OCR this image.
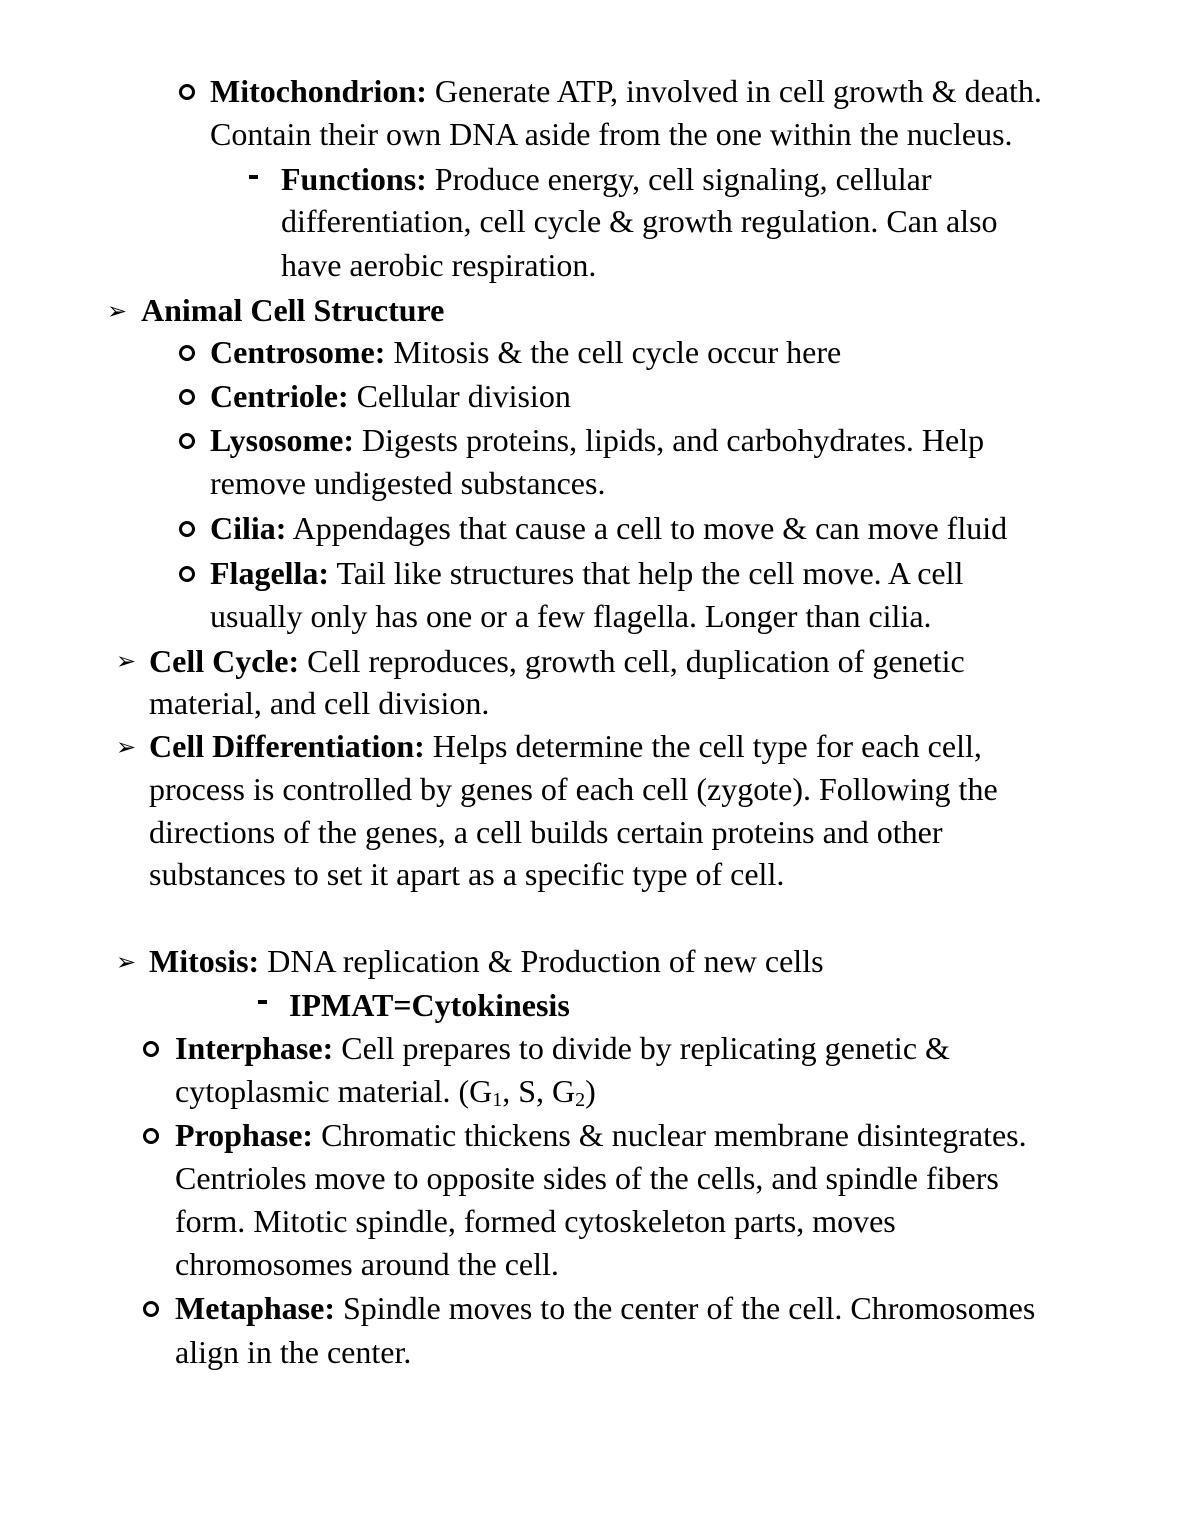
Mitochondrion: Generate ATP, involved in cell growth & death.
Contain their own DNA aside from the one within the nucleus.
Functions: Produce energy, cell signaling, cellular
differentiation, cell cycle & growth regulation. Can also
have aerobic respiration.
➢ Animal Cell Structure
Centrosome: Mitosis & the cell cycle occur here
Centriole: Cellular division
Lysosome: Digests proteins, lipids, and carbohydrates. Help
remove undigested substances.
Cilia: Appendages that cause a cell to move & can move fluid
Flagella: Tail like structures that help the cell move. A cell
usually only has one or a few flagella. Longer than cilia.
➢ Cell Cycle: Cell reproduces, growth cell, duplication of genetic
material, and cell division.
➢ Cell Differentiation: Helps determine the cell type for each cell,
process is controlled by genes of each cell (zygote). Following the
directions of the genes, a cell builds certain proteins and other
substances to set it apart as a specific type of cell.
➢ Mitosis: DNA replication & Production of new cells
IPMAT=Cytokinesis
Interphase: Cell prepares to divide by replicating genetic &
cytoplasmic material. ($G_1$, S, $G_2$)
Prophase: Chromatic thickens & nuclear membrane disintegrates.
Centrioles move to opposite sides of the cells, and spindle fibers
form. Mitotic spindle, formed cytoskeleton parts, moves
chromosomes around the cell.
Metaphase: Spindle moves to the center of the cell. Chromosomes
align in the center.
